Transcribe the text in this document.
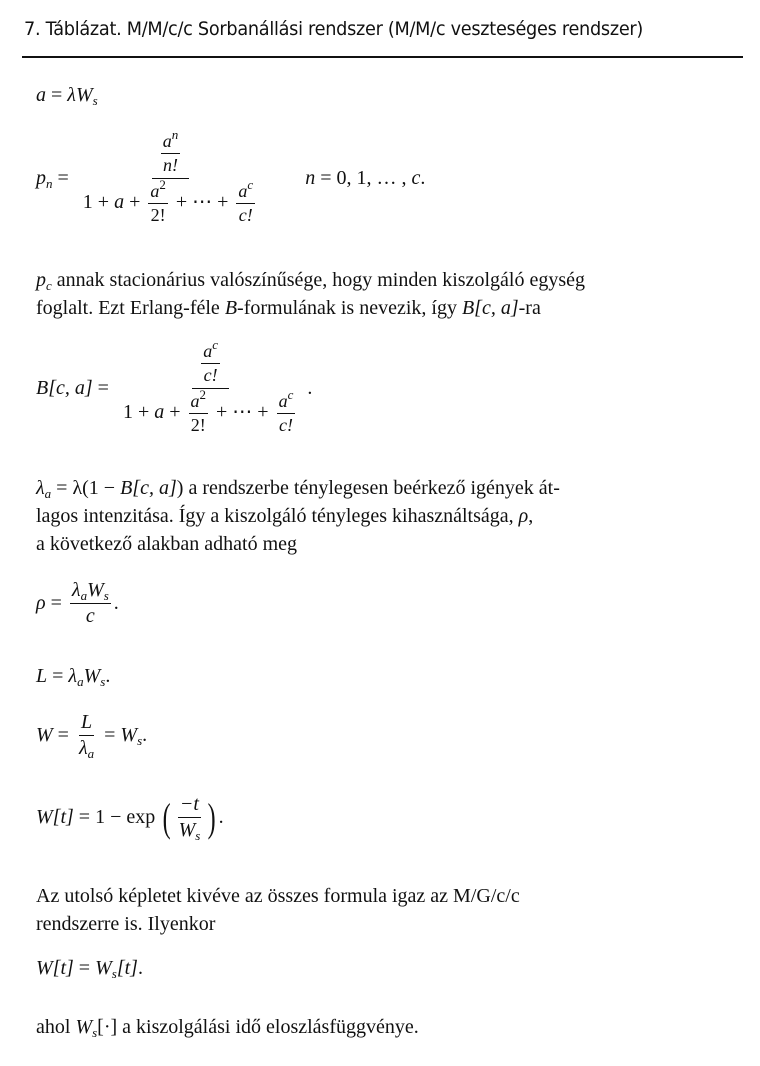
7. Táblázat. M/M/c/c Sorbanállási rendszer (M/M/c veszteséges rendszer)
$a = \lambda W_s$
$p_n = \frac{\frac{a^n}{n!}}{1 + a + \frac{a^2}{2!} + \cdots + \frac{a^c}{c!}}$ n = 0, 1, … , c.
$p_c$ annak stacionárius valószínűsége, hogy minden kiszolgáló egység
foglalt. Ezt Erlang-féle B-formulának is nevezik, így B[c, a]-ra
B[c, $a] = \frac{\frac{a^c}{c!}}{1 + a + \frac{a^2}{2!} + \cdots + \frac{a^c}{c!}}$ .
$\lambda_a = \lambda(1 - B[c$, a]) a rendszerbe ténylegesen beérkező igények át-
lagos intenzitása. Így a kiszolgáló tényleges kihasználtsága, ρ,
a következő alakban adható meg
$\rho = \frac{\lambda_aW_s}{c}$ .
$L = \lambda_aW_s$.
$W = \frac{L}{\lambda_a} = W_s$.
W[t] = 1 − exp ( $\frac{-t}{W_s}$ ) .
Az utolsó képletet kivéve az összes formula igaz az M/G/c/c
rendszerre is. Ilyenkor
$W[t] = W_s[t]$.
ahol $W_s[\cdot]$ a kiszolgálási idő eloszlásfüggvénye.
